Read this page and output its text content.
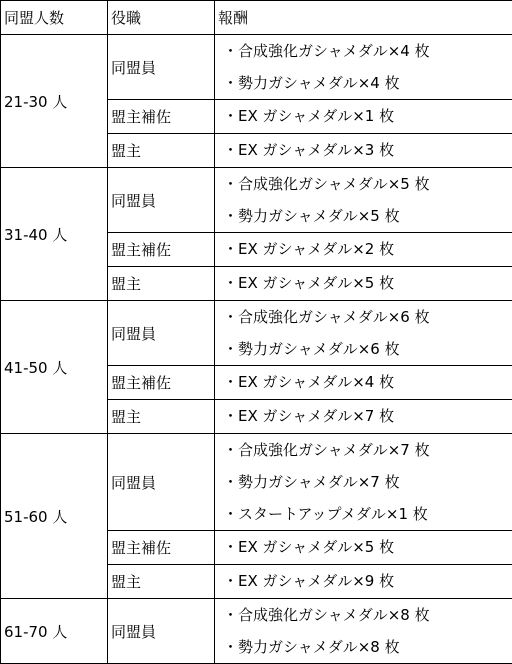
同盟人数	役職	報酬
21-30 人	同盟員	・合成強化ガシャメダル×4 枚
・勢力ガシャメダル×4 枚

	盟主補佐	・EX ガシャメダル×1 枚

	盟主	・EX ガシャメダル×3 枚

31-40 人	同盟員	・合成強化ガシャメダル×5 枚
・勢力ガシャメダル×5 枚

	盟主補佐	・EX ガシャメダル×2 枚

	盟主	・EX ガシャメダル×5 枚

41-50 人	同盟員	・合成強化ガシャメダル×6 枚
・勢力ガシャメダル×6 枚

	盟主補佐	・EX ガシャメダル×4 枚

	盟主	・EX ガシャメダル×7 枚

51-60 人	同盟員	・合成強化ガシャメダル×7 枚
・勢力ガシャメダル×7 枚
・スタートアップメダル×1 枚

	盟主補佐	・EX ガシャメダル×5 枚

	盟主	・EX ガシャメダル×9 枚

61-70 人	同盟員	・合成強化ガシャメダル×8 枚
・勢力ガシャメダル×8 枚
